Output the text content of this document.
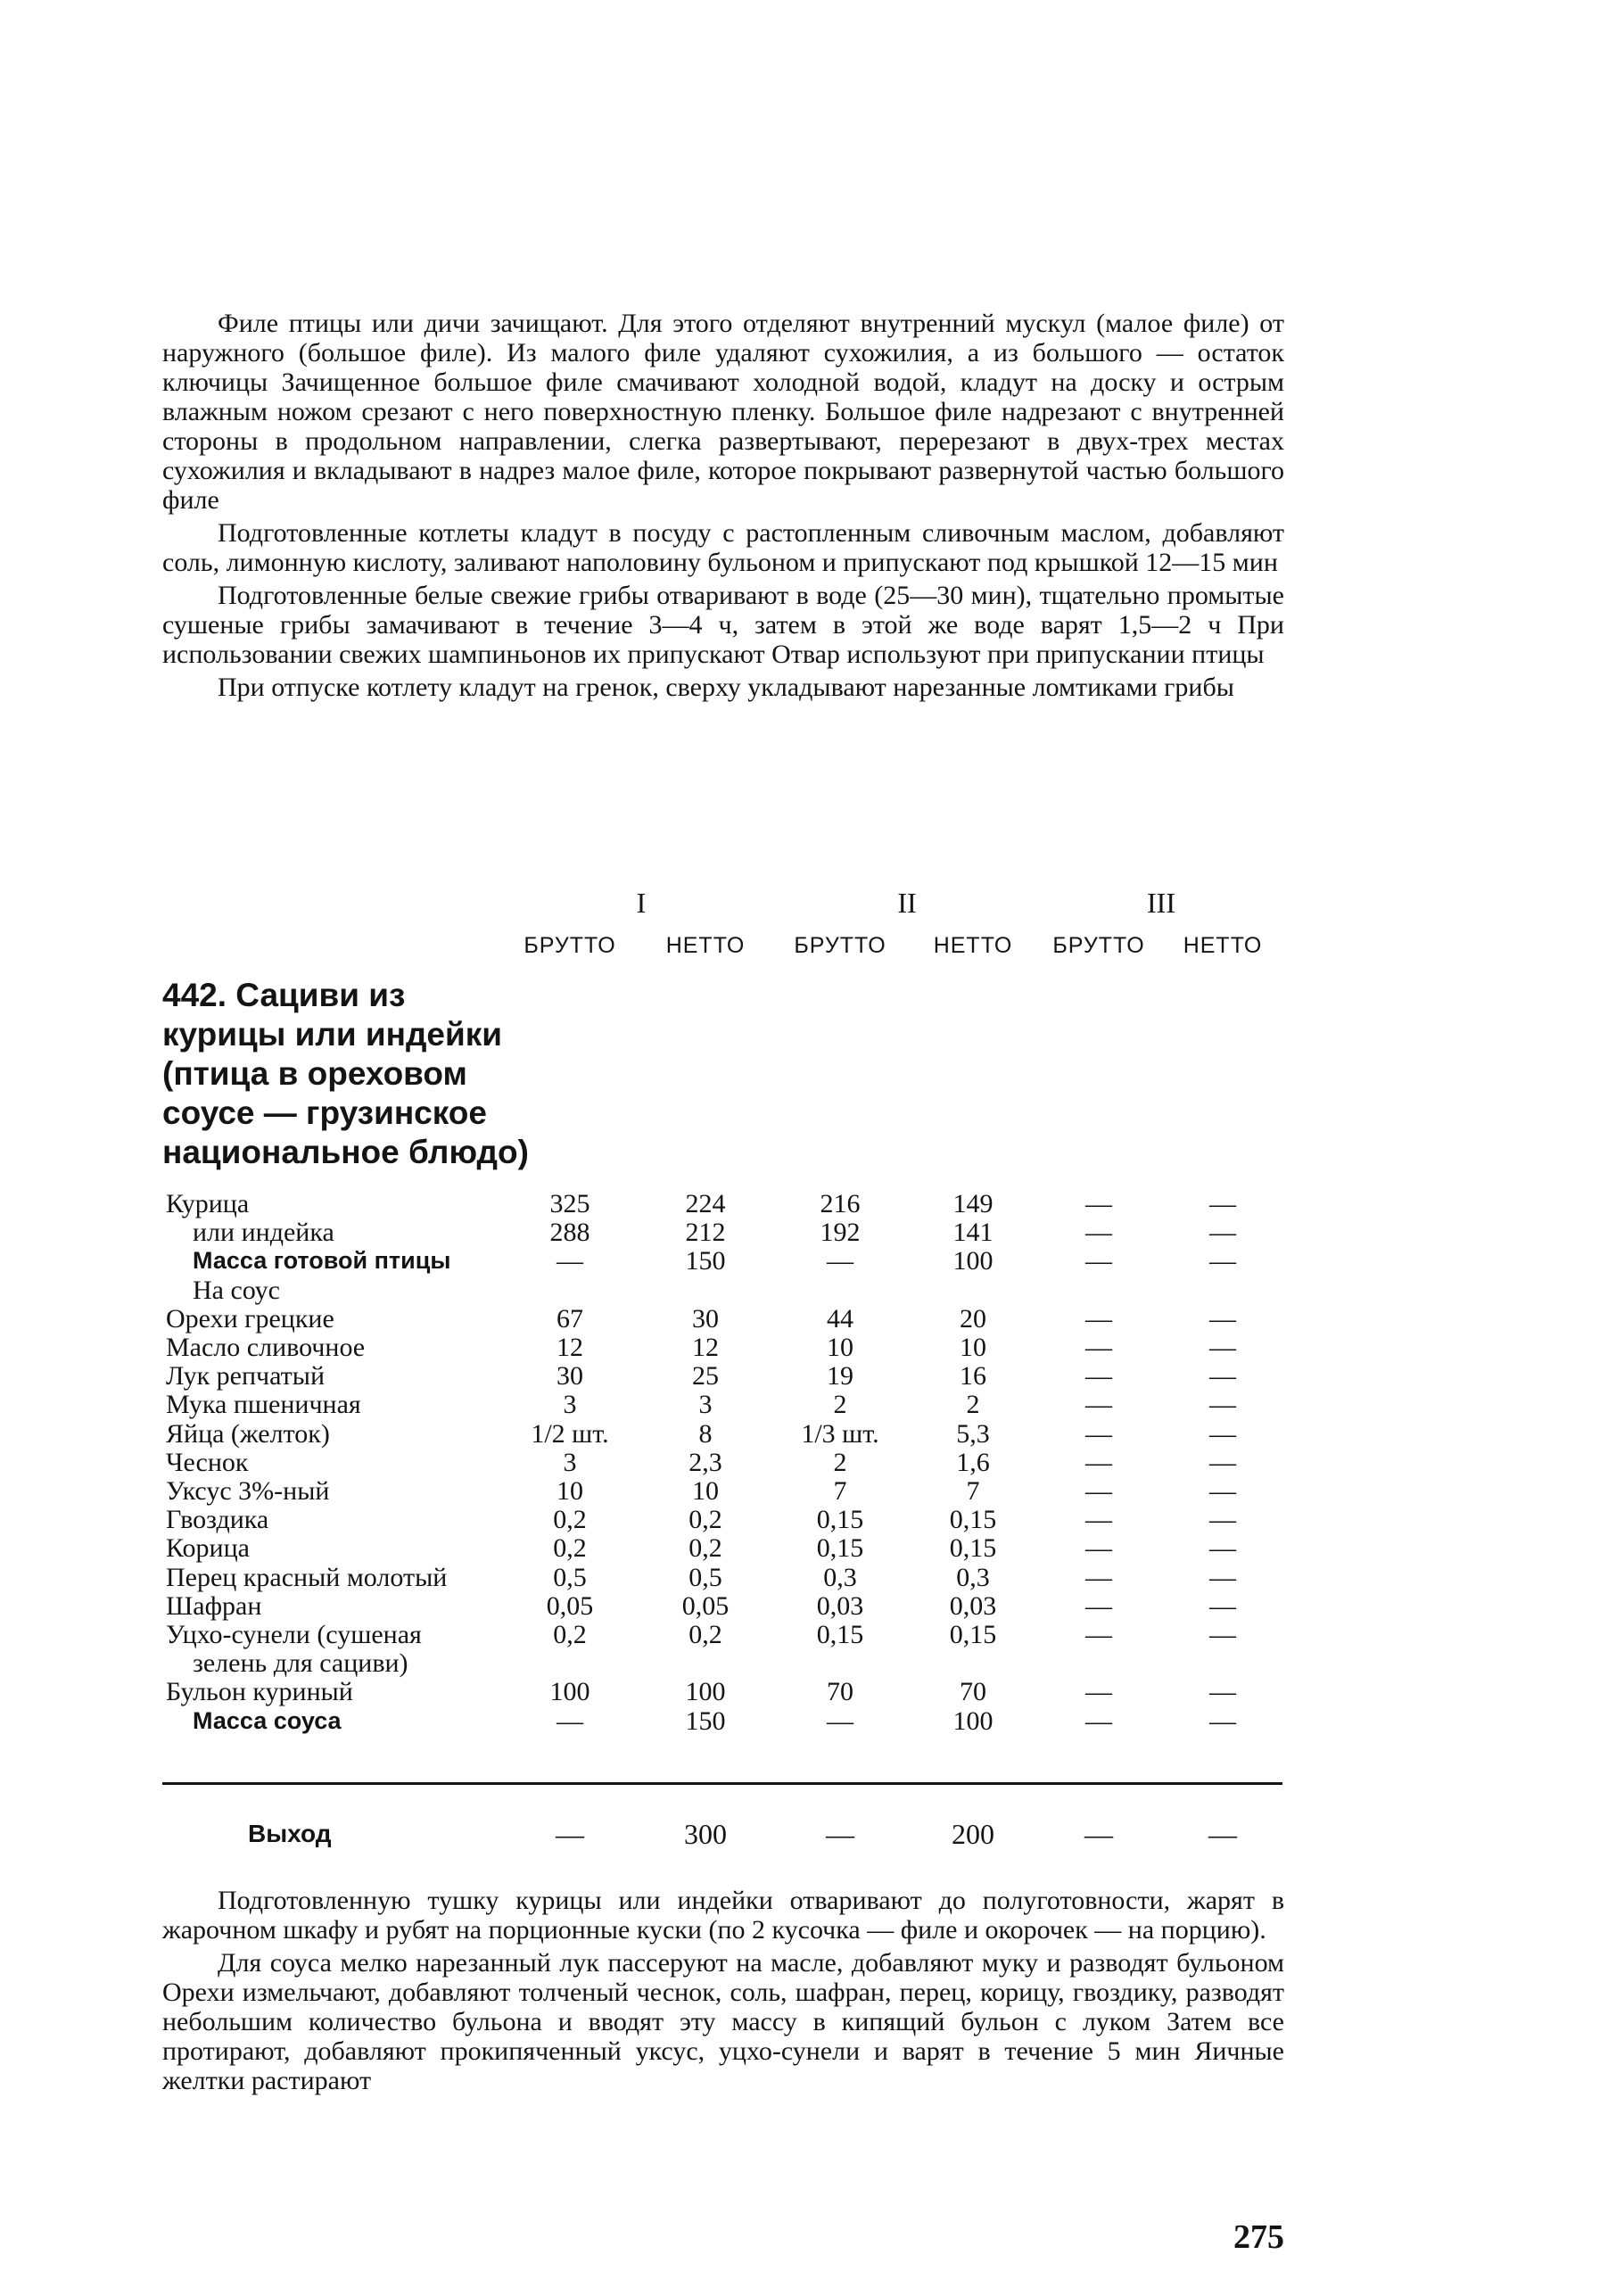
Филе птицы или дичи зачищают. Для этого отделяют внутренний мускул (малое филе) от наружного (большое филе). Из малого филе удаляют сухожилия, а из большого — остаток ключицы Зачищенное большое филе смачивают холодной водой, кладут на доску и острым влажным ножом срезают с него поверхностную пленку. Большое филе надрезают с внутренней стороны в продольном направлении, слегка развертывают, перерезают в двух-трех местах сухожилия и вкладывают в надрез малое филе, которое покрывают развернутой частью большого филе

Подготовленные котлеты кладут в посуду с растопленным сливочным маслом, добавляют соль, лимонную кислоту, заливают наполовину бульоном и припускают под крышкой 12—15 мин

Подготовленные белые свежие грибы отваривают в воде (25—30 мин), тщательно промытые сушеные грибы замачивают в течение 3—4 ч, затем в этой же воде варят 1,5—2 ч При использовании свежих шампиньонов их припускают Отвар используют при припускании птицы

При отпуске котлету кладут на гренок, сверху укладывают нарезанные ломтиками грибы

I	II	III
БРУТТО	НЕТТО	БРУТТО	НЕТТО	БРУТТО	НЕТТО
442. Сациви из курицы или индейки (птица в ореховом соусе — грузинское национальное блюдо)
Курица	325	224	216	149	—	—
или индейка	288	212	192	141	—	—
Масса готовой птицы	—	150	—	100	—	—
На соус
Орехи грецкие	67	30	44	20	—	—
Масло сливочное	12	12	10	10	—	—
Лук репчатый	30	25	19	16	—	—
Мука пшеничная	3	3	2	2	—	—
Яйца (желток)	1/2 шт.	8	1/3 шт.	5,3	—	—
Чеснок	3	2,3	2	1,6	—	—
Уксус 3%-ный	10	10	7	7	—	—
Гвоздика	0,2	0,2	0,15	0,15	—	—
Корица	0,2	0,2	0,15	0,15	—	—
Перец красный молотый	0,5	0,5	0,3	0,3	—	—
Шафран	0,05	0,05	0,03	0,03	—	—
Уцхо-сунели (сушеная	0,2	0,2	0,15	0,15	—	—
зелень для сациви)
Бульон куриный	100	100	70	70	—	—
Масса соуса	—	150	—	100	—	—
Выход	—	300	—	200	—	—

Подготовленную тушку курицы или индейки отваривают до полуготовности, жарят в жарочном шкафу и рубят на порционные куски (по 2 кусочка — филе и окорочек — на порцию).

Для соуса мелко нарезанный лук пассеруют на масле, добавляют муку и разводят бульоном Орехи измельчают, добавляют толченый чеснок, соль, шафран, перец, корицу, гвоздику, разводят небольшим количество бульона и вводят эту массу в кипящий бульон с луком Затем все протирают, добавляют прокипяченный уксус, уцхо-сунели и варят в течение 5 мин Яичные желтки растирают

275
